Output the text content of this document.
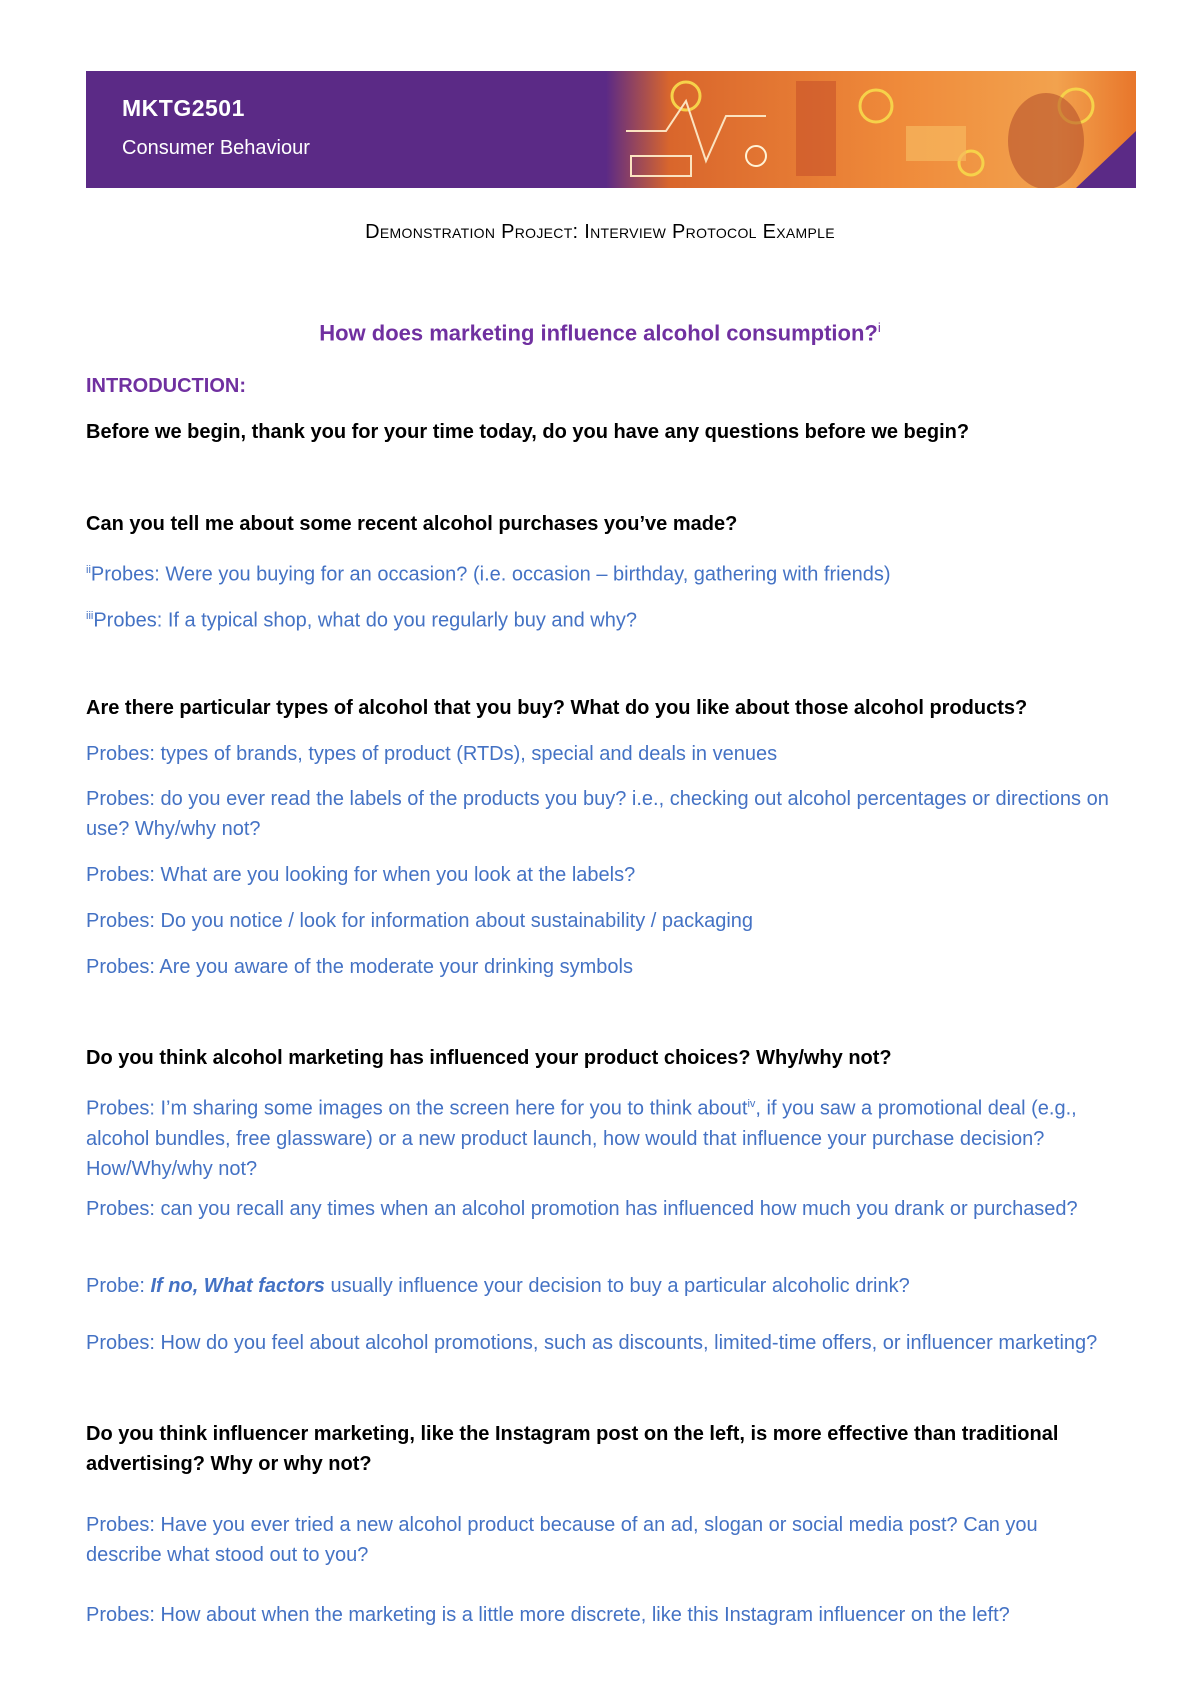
MKTG2501
Consumer Behaviour
Demonstration Project: Interview Protocol Example
How does marketing influence alcohol consumption?$^i$
INTRODUCTION:
Before we begin, thank you for your time today, do you have any questions before we begin?
Can you tell me about some recent alcohol purchases you’ve made?
$^{ii}$Probes: Were you buying for an occasion? (i.e. occasion – birthday, gathering with friends)
$^{iii}$Probes: If a typical shop, what do you regularly buy and why?
Are there particular types of alcohol that you buy? What do you like about those alcohol products?
Probes: types of brands, types of product (RTDs), special and deals in venues
Probes: do you ever read the labels of the products you buy? i.e., checking out alcohol percentages or directions on use? Why/why not?
Probes: What are you looking for when you look at the labels?
Probes: Do you notice / look for information about sustainability / packaging
Probes: Are you aware of the moderate your drinking symbols
Do you think alcohol marketing has influenced your product choices? Why/why not?
Probes: I’m sharing some images on the screen here for you to think about$^{iv}$, if you saw a promotional deal (e.g., alcohol bundles, free glassware) or a new product launch, how would that influence your purchase decision? How/Why/why not?
Probes: can you recall any times when an alcohol promotion has influenced how much you drank or purchased?
Probe: If no, What factors usually influence your decision to buy a particular alcoholic drink?
Probes: How do you feel about alcohol promotions, such as discounts, limited-time offers, or influencer marketing?
Do you think influencer marketing, like the Instagram post on the left, is more effective than traditional advertising? Why or why not?
Probes: Have you ever tried a new alcohol product because of an ad, slogan or social media post? Can you describe what stood out to you?
Probes: How about when the marketing is a little more discrete, like this Instagram influencer on the left?
